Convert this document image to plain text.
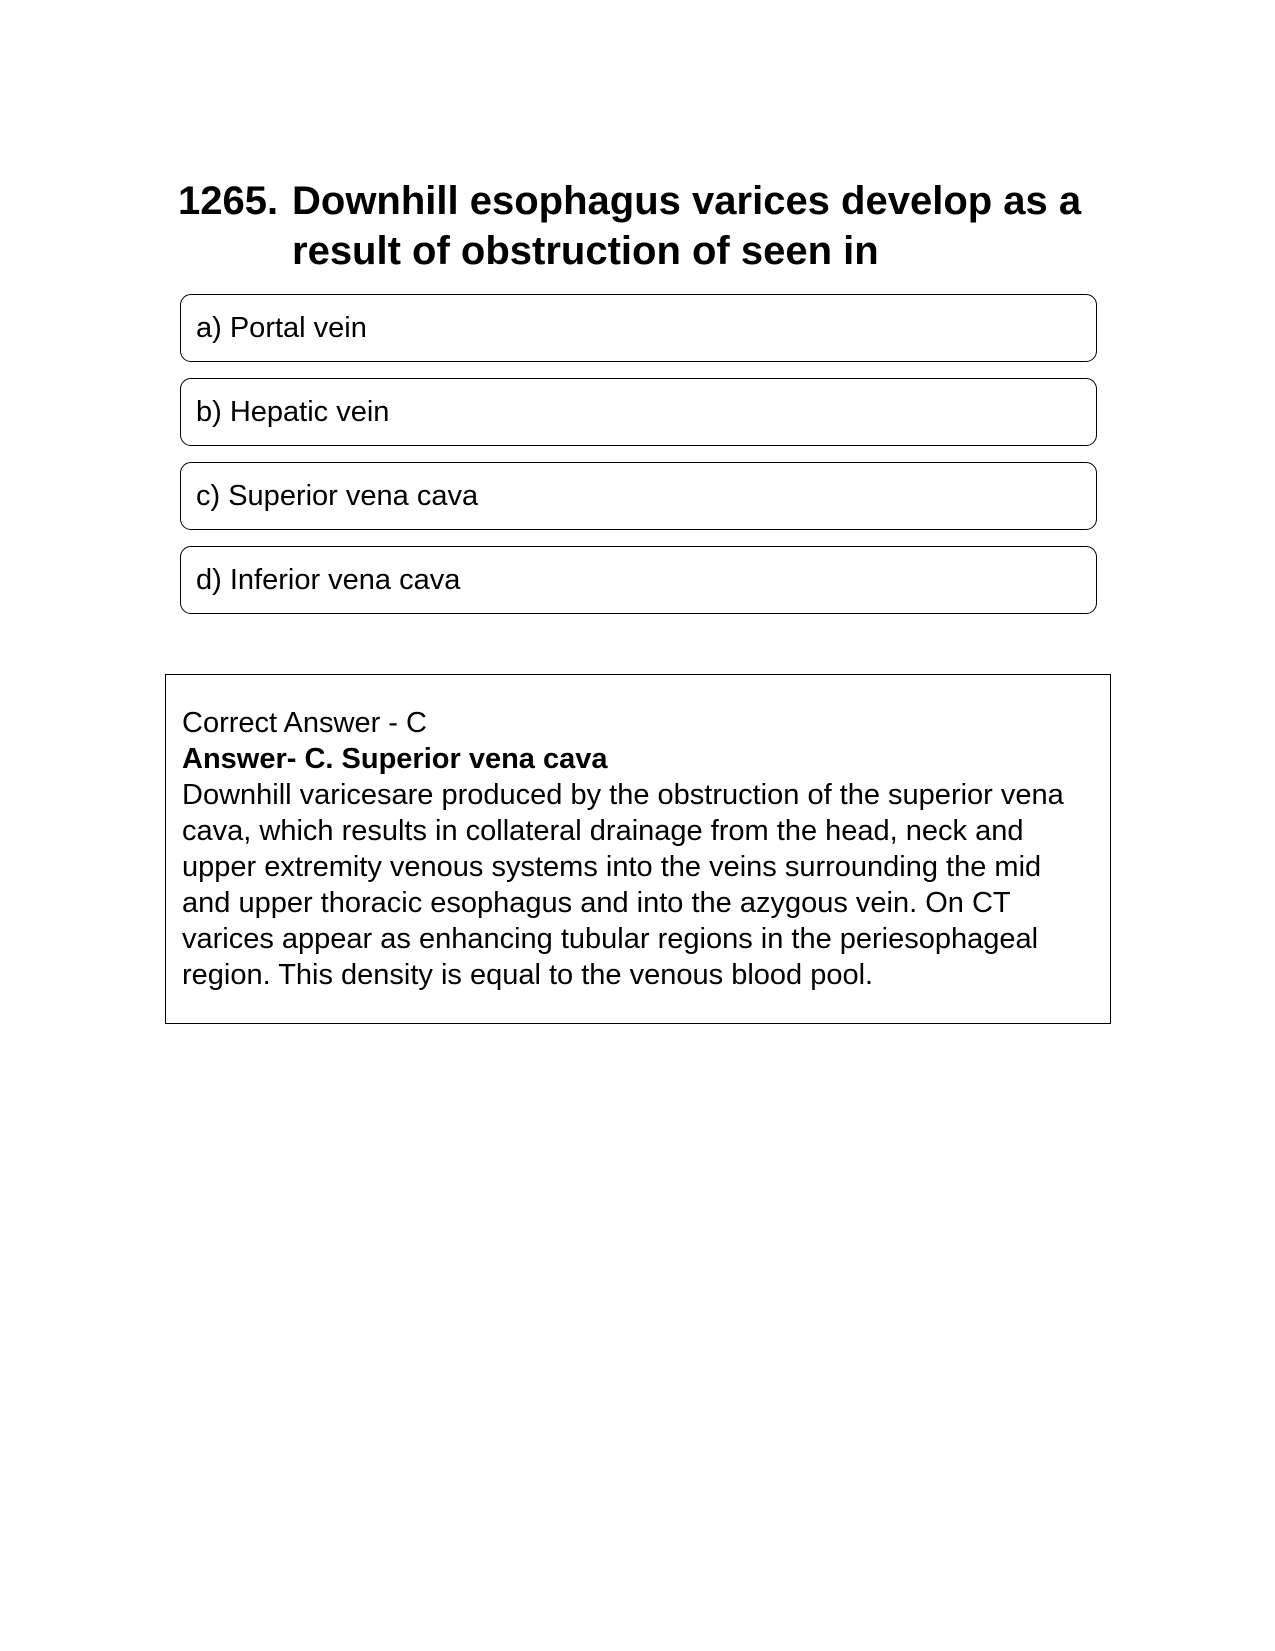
1265. Downhill esophagus varices develop as a result of obstruction of seen in
a) Portal vein
b) Hepatic vein
c) Superior vena cava
d) Inferior vena cava
Correct Answer - C
Answer- C. Superior vena cava

Downhill varicesare produced by the obstruction of the superior vena cava, which results in collateral drainage from the head, neck and upper extremity venous systems into the veins surrounding the mid and upper thoracic esophagus and into the azygous vein. On CT varices appear as enhancing tubular regions in the periesophageal region. This density is equal to the venous blood pool.
